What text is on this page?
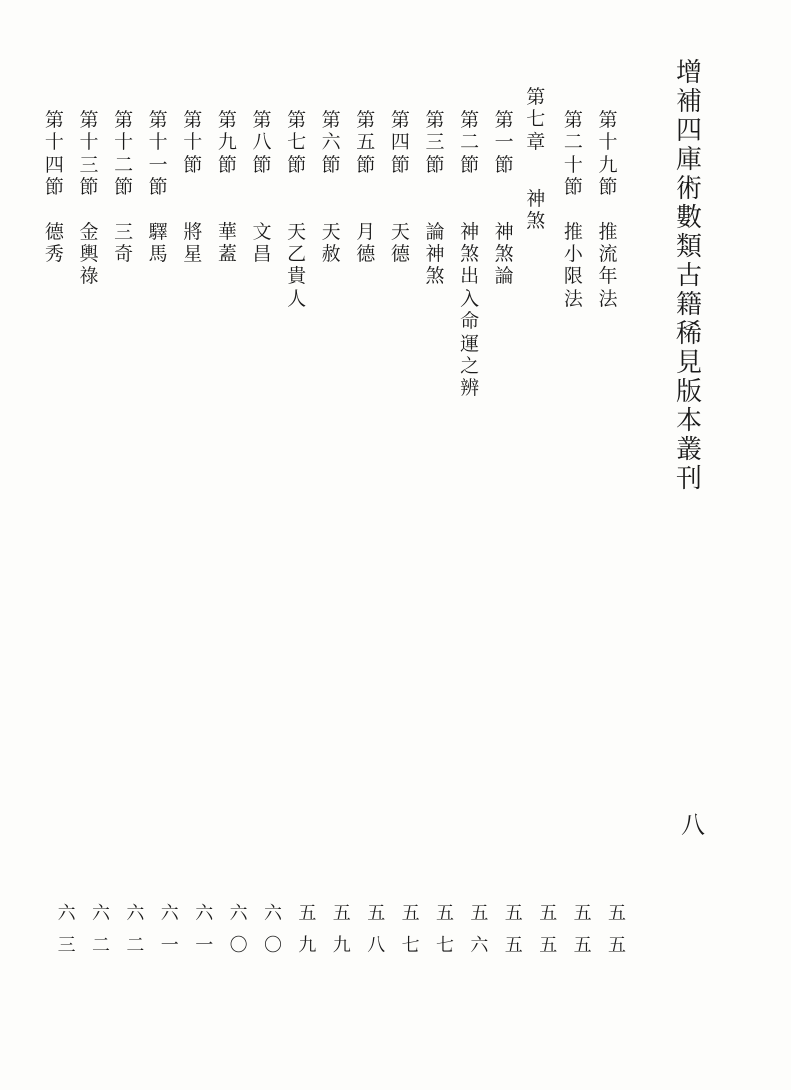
增
補
四
庫
術
數
類
古
籍
稀
見
版
本
叢
刊
第
十
九
節
推
流
年
法
第
二
十
節
推
小
限
法
第
七
章
神
煞
第
一
節
神
煞
論
第
二
節
神
煞
出
入
命
運
之
辨
第
三
節
論
神
煞
第
四
節
天
德
第
五
節
月
德
第
六
節
天
赦
第
七
節
天
乙
貴
人
第
八
節
文
昌
第
九
節
華
蓋
第
十
節
將
星
第
十
一
節
驛
馬
第
十
二
節
三
奇
第
十
三
節
金
輿
祿
第
十
四
節
德
秀
五
五
五
五
五
五
五
五
五
六
五
七
五
七
五
八
五
九
五
九
六
〇
六
〇
六
一
六
一
六
二
六
二
六
三
八
